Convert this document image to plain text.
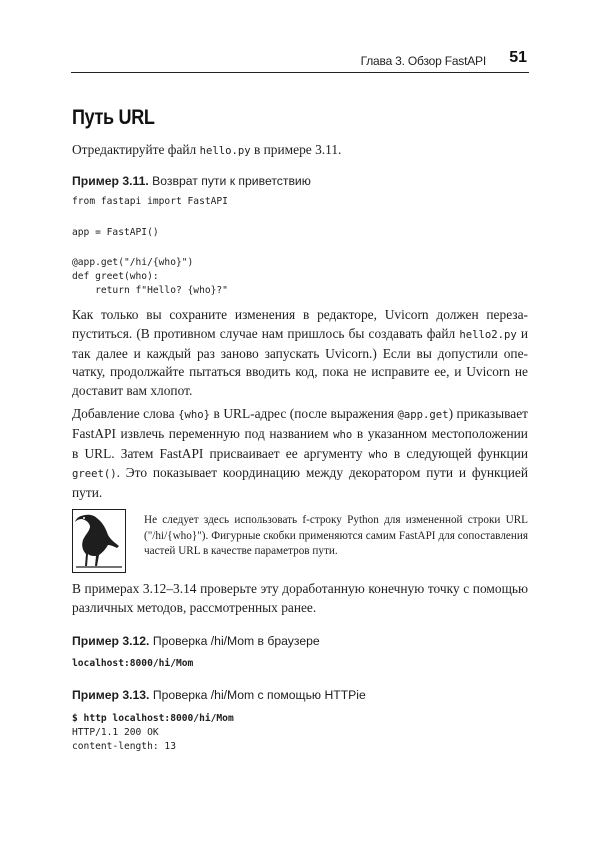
Глава 3. Обзор FastAPI 51
Путь URL

Отредактируйте файл hello.py в примере 3.11.

Пример 3.11. Возврат пути к приветствию

from fastapi import FastAPI
app = FastAPI()
@app.get("/hi/{who}")
def greet(who):
return f"Hello? {who}?"

Как только вы сохраните изменения в редакторе, Uvicorn должен перезапуститься. (В противном случае нам пришлось бы создавать файл hello2.py и так далее и каждый раз заново запускать Uvicorn.) Если вы допустили опечатку, продолжайте пытаться вводить код, пока не исправите ее, и Uvicorn не доставит вам хлопот.

Добавление слова {who} в URL-адрес (после выражения @app.get) приказывает FastAPI извлечь переменную под названием who в указанном местоположении в URL. Затем FastAPI присваивает ее аргументу who в следующей функции greet(). Это показывает координацию между декоратором пути и функцией пути.

Не следует здесь использовать f-строку Python для измененной строки URL ("/hi/{who}"). Фигурные скобки применяются самим FastAPI для сопоставления частей URL в качестве параметров пути.

В примерах 3.12–3.14 проверьте эту доработанную конечную точку с помощью различных методов, рассмотренных ранее.

Пример 3.12. Проверка /hi/Mom в браузере

localhost:8000/hi/Mom

Пример 3.13. Проверка /hi/Mom с помощью HTTPie

$ http localhost:8000/hi/Mom
HTTP/1.1 200 OK
content-length: 13
